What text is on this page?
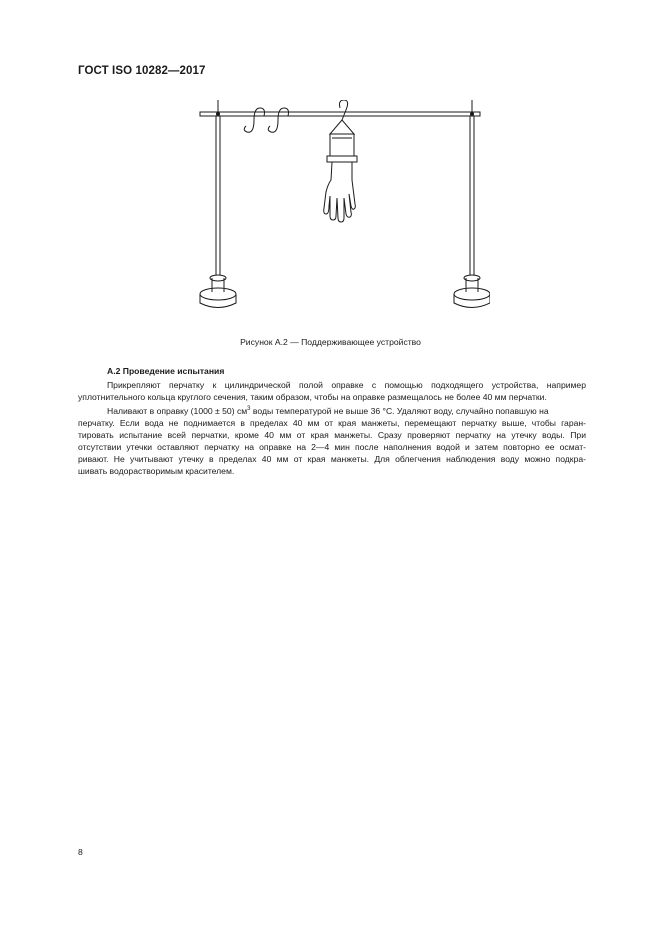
ГОСТ ISO 10282—2017
Рисунок А.2 — Поддерживающее устройство
А.2 Проведение испытания
Прикрепляют перчатку к цилиндрической полой оправке с помощью подходящего устройства, например
уплотнительного кольца круглого сечения, таким образом, чтобы на оправке размещалось не более 40 мм перчатки.
Наливают в оправку (1000 ± 50) $см^3$ воды температурой не выше 36 °С. Удаляют воду, случайно попавшую на
перчатку. Если вода не поднимается в пределах 40 мм от края манжеты, перемещают перчатку выше, чтобы гаран-
тировать испытание всей перчатки, кроме 40 мм от края манжеты. Сразу проверяют перчатку на утечку воды. При
отсутствии утечки оставляют перчатку на оправке на 2—4 мин после наполнения водой и затем повторно ее осмат-
ривают. Не учитывают утечку в пределах 40 мм от края манжеты. Для облегчения наблюдения воду можно подкра-
шивать водорастворимым красителем.
8
